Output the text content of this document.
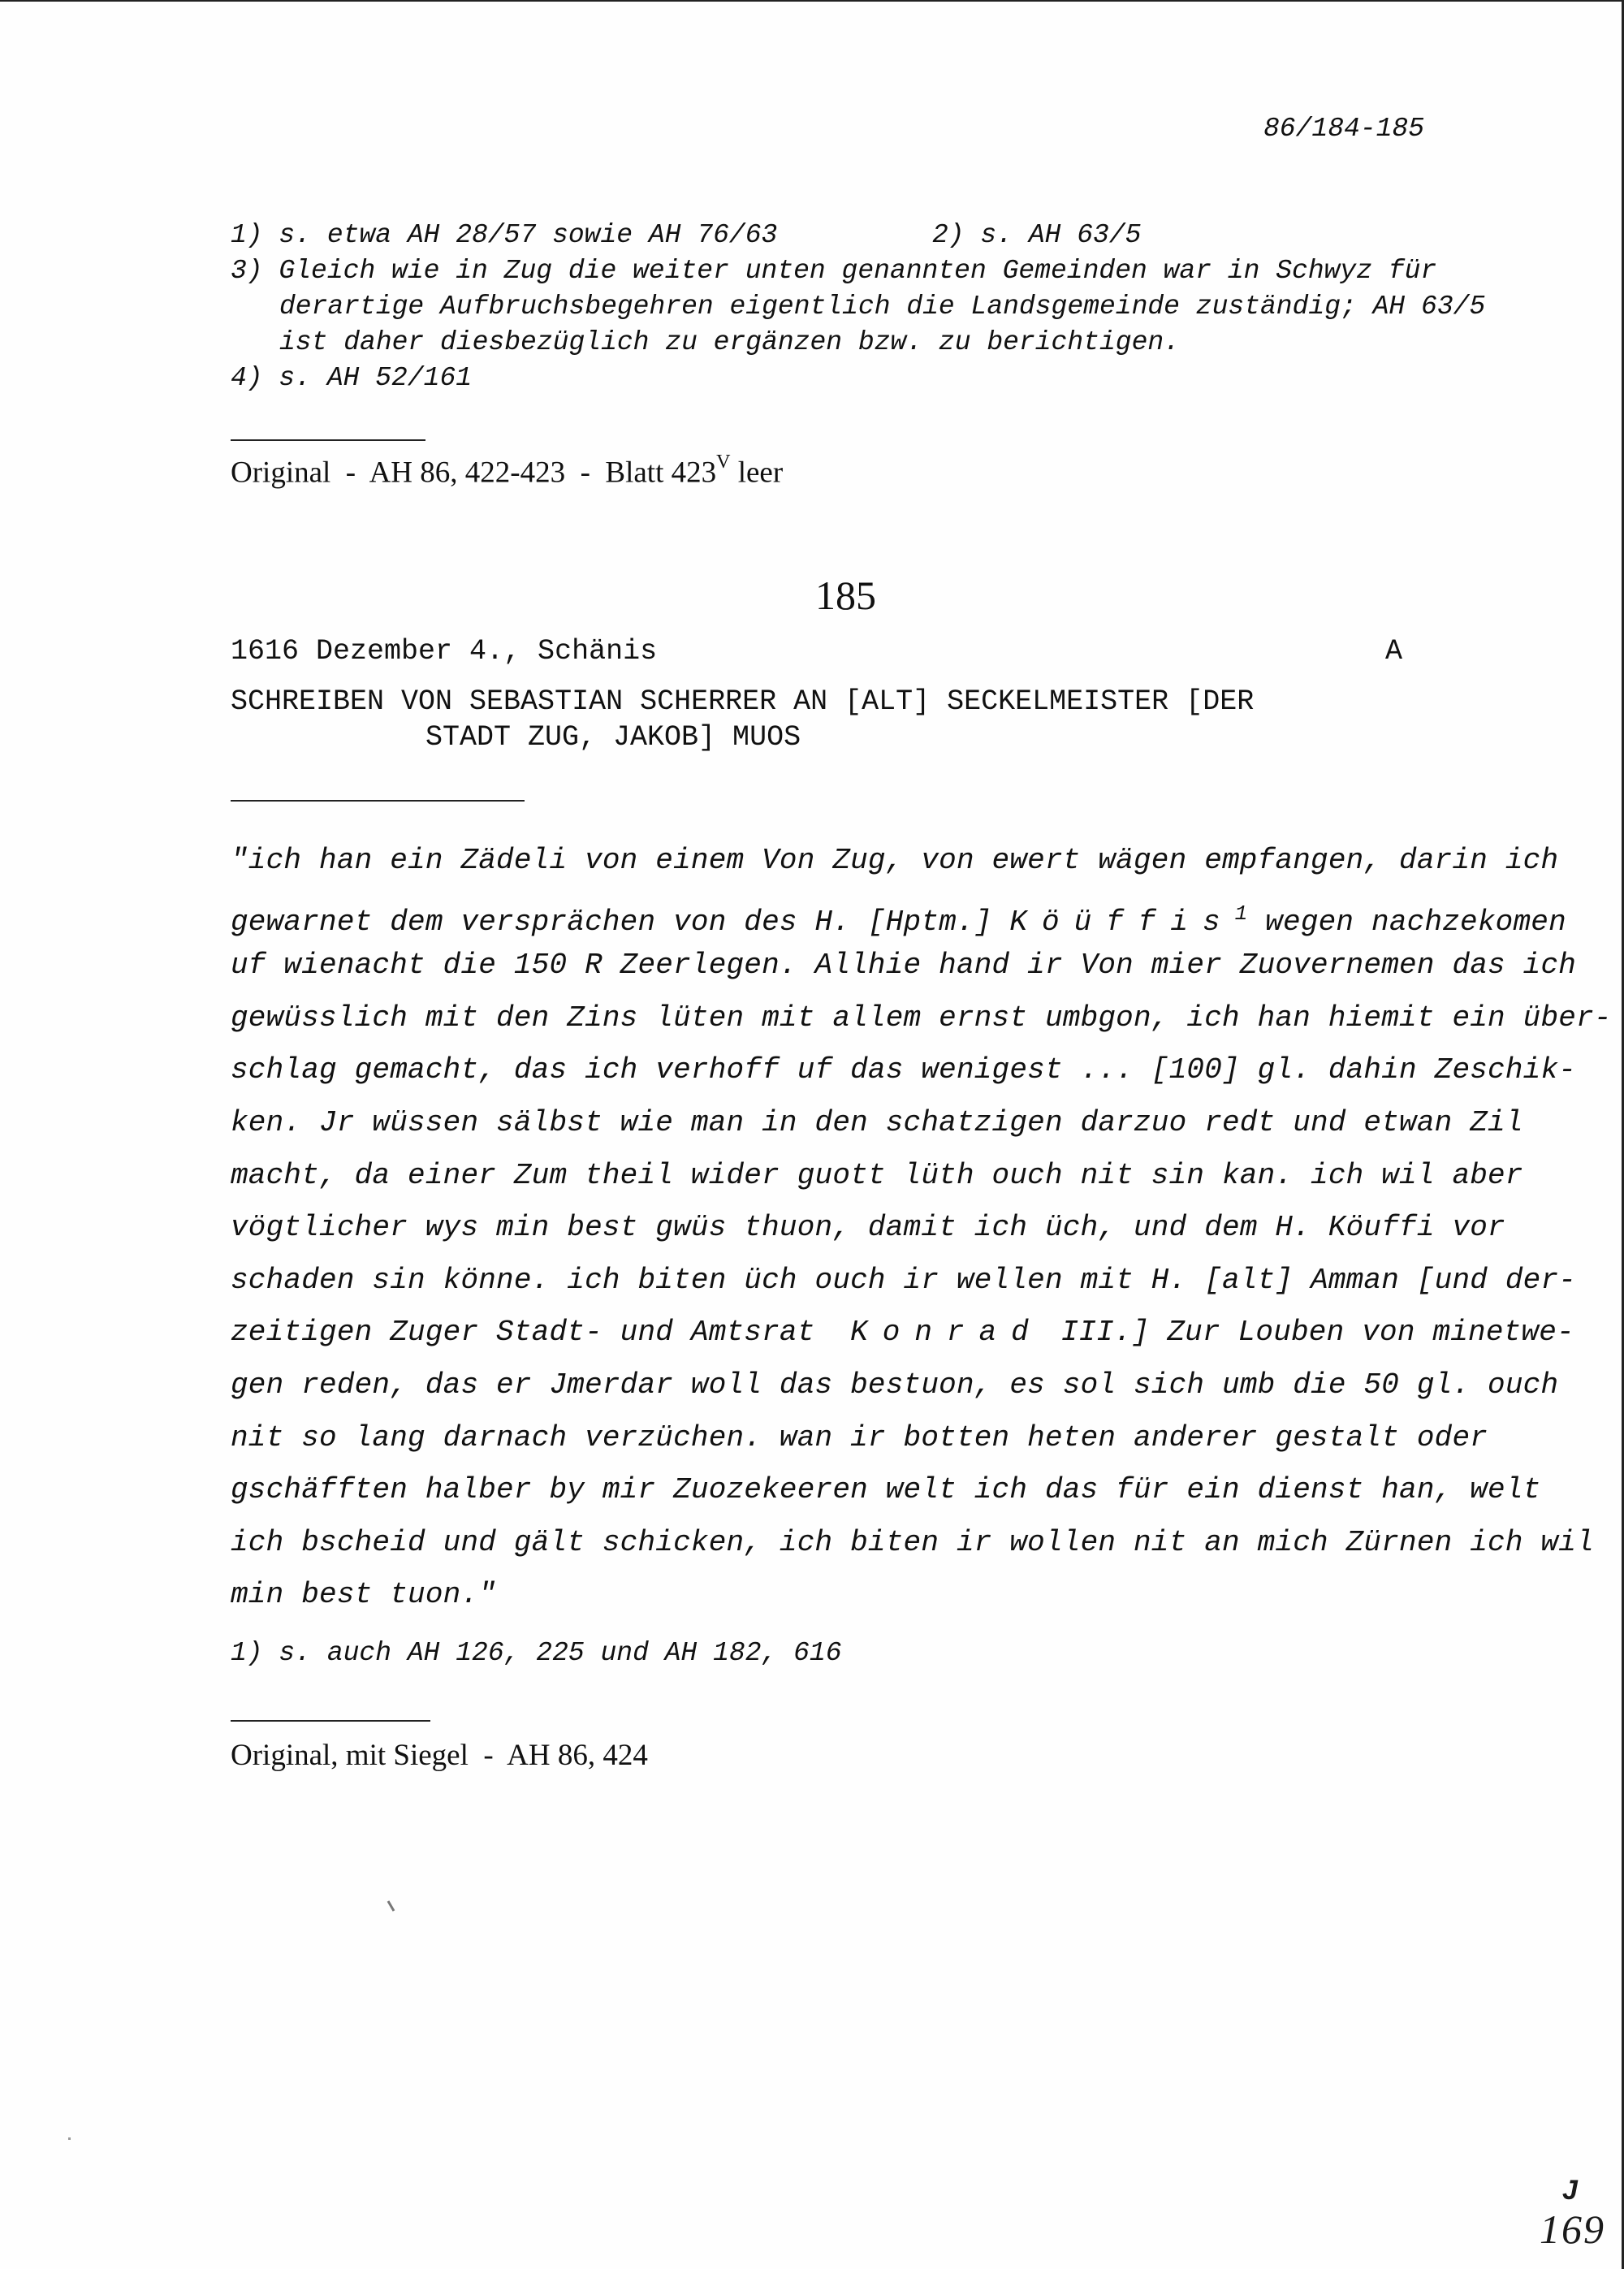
86/184-185
1) s. etwa AH 28/57 sowie AH 76/63	2) s. AH 63/5
3) Gleich wie in Zug die weiter unten genannten Gemeinden war in Schwyz für
derartige Aufbruchsbegehren eigentlich die Landsgemeinde zuständig; AH 63/5
ist daher diesbezüglich zu ergänzen bzw. zu berichtigen.
4) s. AH 52/161
Original  -  AH 86, 422-423  -  Blatt $423^V$ leer
185
1616 Dezember 4., Schänis	A
SCHREIBEN VON SEBASTIAN SCHERRER AN [ALT] SECKELMEISTER [DER
STADT ZUG, JAKOB] MUOS
"ich han ein Zädeli von einem Von Zug, von ewert wägen empfangen, darin ich
gewarnet dem versprächen von des H. [Hptm.] Köüffis$^1$ wegen nachzekomen
uf wienacht die 150 R Zeerlegen. Allhie hand ir Von mier Zuovernemen das ich
gewüsslich mit den Zins lüten mit allem ernst umbgon, ich han hiemit ein über-
schlag gemacht, das ich verhoff uf das wenigest ... [100] gl. dahin Zeschik-
ken. Jr wüssen sälbst wie man in den schatzigen darzuo redt und etwan Zil
macht, da einer Zum theil wider guott lüth ouch nit sin kan. ich wil aber
vögtlicher wys min best gwüs thuon, damit ich üch, und dem H. Köuffi vor
schaden sin könne. ich biten üch ouch ir wellen mit H. [alt] Amman [und der-
zeitigen Zuger Stadt- und Amtsrat  Konrad III.] Zur Louben von minetwe-
gen reden, das er Jmerdar woll das bestuon, es sol sich umb die 50 gl. ouch
nit so lang darnach verzüchen. wan ir botten heten anderer gestalt oder
gschäfften halber by mir Zuozekeeren welt ich das für ein dienst han, welt
ich bscheid und gält schicken, ich biten ir wollen nit an mich Zürnen ich wil
min best tuon."
1) s. auch AH 126, 225 und AH 182, 616
Original, mit Siegel  -  AH 86, 424
J
169
